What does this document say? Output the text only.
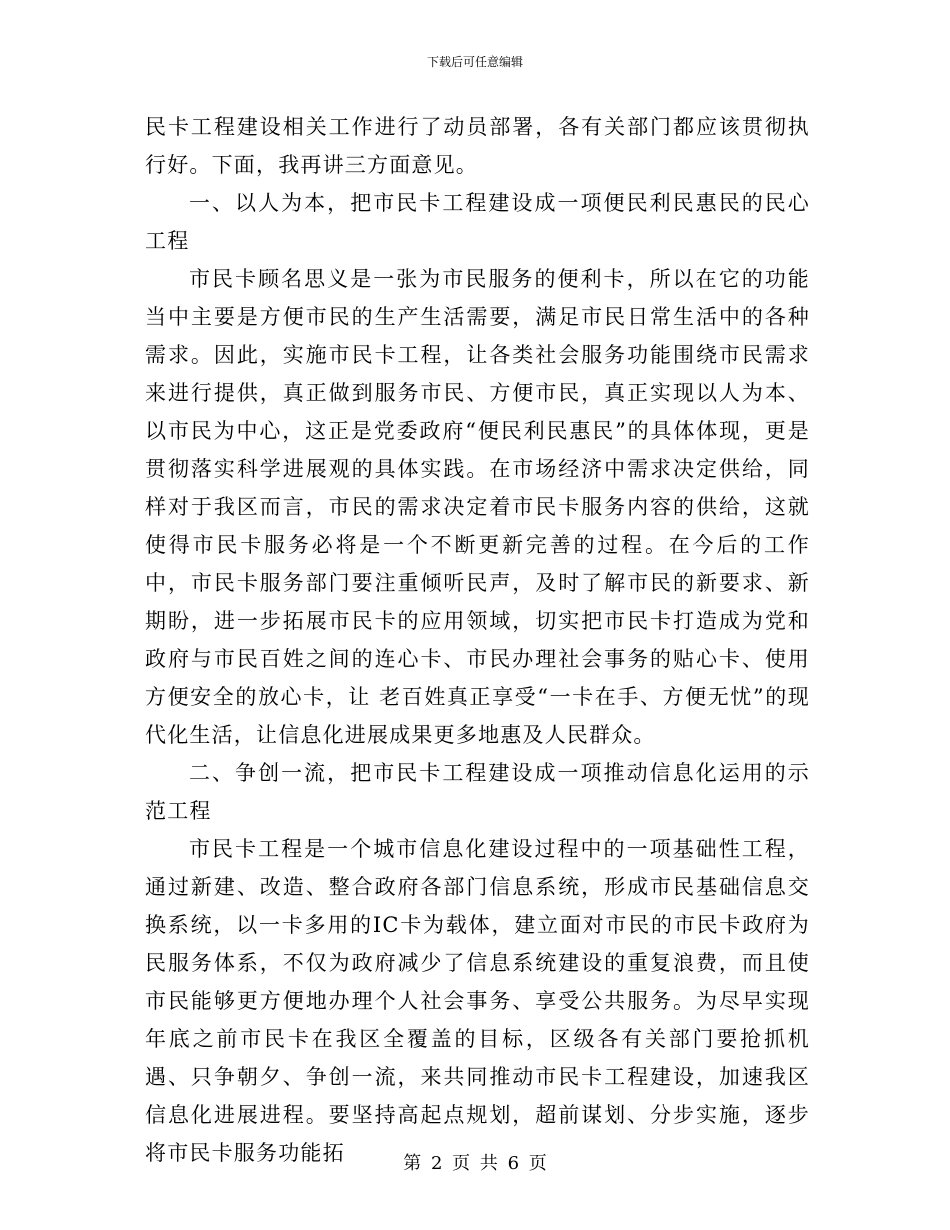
下载后可任意编辑

民卡工程建设相关工作进行了动员部署，各有关部门都应该贯彻执行好。下面，我再讲三方面意见。

一、以人为本，把市民卡工程建设成一项便民利民惠民的民心工程

市民卡顾名思义是一张为市民服务的便利卡，所以在它的功能当中主要是方便市民的生产生活需要，满足市民日常生活中的各种需求。因此，实施市民卡工程，让各类社会服务功能围绕市民需求来进行提供，真正做到服务市民、方便市民，真正实现以人为本、以市民为中心，这正是党委政府“便民利民惠民”的具体体现，更是贯彻落实科学进展观的具体实践。在市场经济中需求决定供给，同样对于我区而言，市民的需求决定着市民卡服务内容的供给，这就使得市民卡服务必将是一个不断更新完善的过程。在今后的工作中，市民卡服务部门要注重倾听民声，及时了解市民的新要求、新期盼，进一步拓展市民卡的应用领域，切实把市民卡打造成为党和政府与市民百姓之间的连心卡、市民办理社会事务的贴心卡、使用方便安全的放心卡，让 老百姓真正享受“一卡在手、方便无忧”的现代化生活，让信息化进展成果更多地惠及人民群众。

二、争创一流，把市民卡工程建设成一项推动信息化运用的示范工程

市民卡工程是一个城市信息化建设过程中的一项基础性工程，通过新建、改造、整合政府各部门信息系统，形成市民基础信息交换系统，以一卡多用的IC卡为载体，建立面对市民的市民卡政府为民服务体系，不仅为政府减少了信息系统建设的重复浪费，而且使市民能够更方便地办理个人社会事务、享受公共服务。为尽早实现 年底之前市民卡在我区全覆盖的目标，区级各有关部门要抢抓机遇、只争朝夕、争创一流，来共同推动市民卡工程建设，加速我区信息化进展进程。要坚持高起点规划，超前谋划、分步实施，逐步将市民卡服务功能拓	第 2 页 共 6 页
